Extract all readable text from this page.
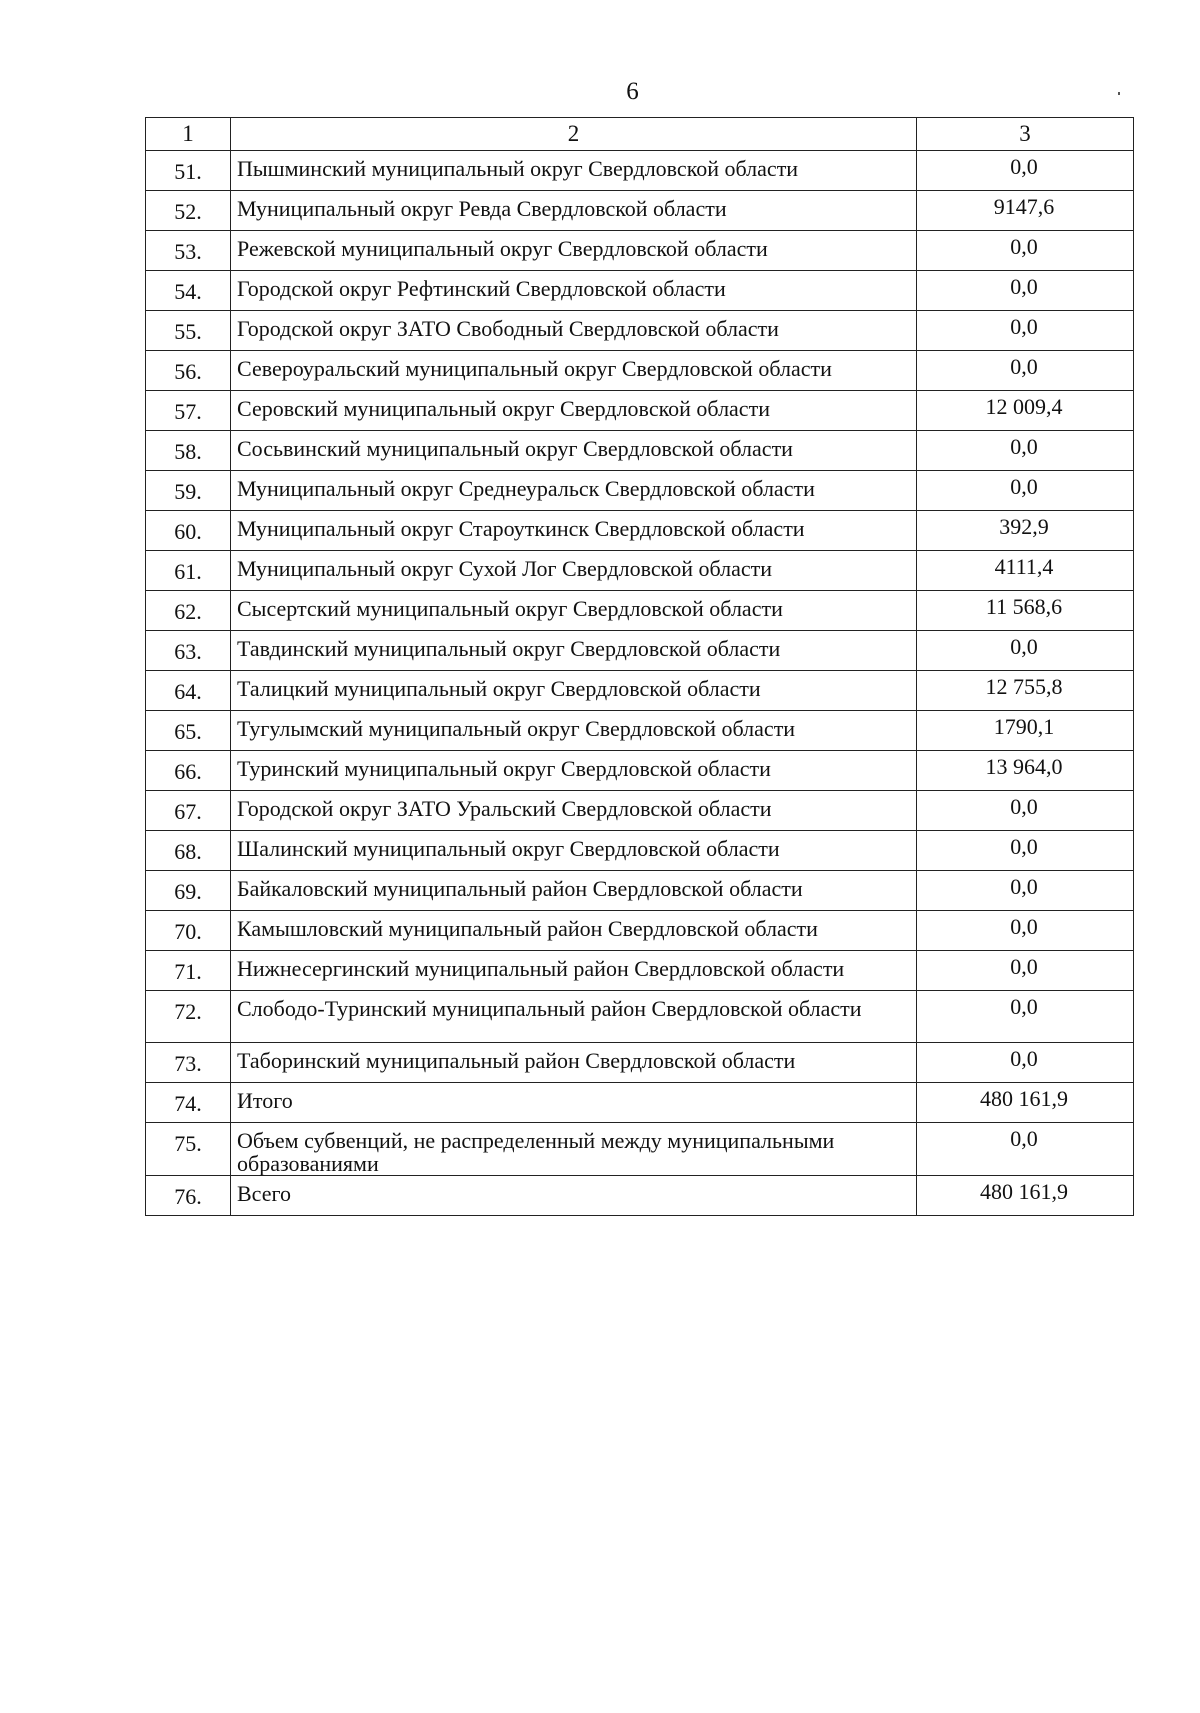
6
1	2	3
51.	Пышминский муниципальный округ Свердловской области	0,0
52.	Муниципальный округ Ревда Свердловской области	9147,6
53.	Режевской муниципальный округ Свердловской области	0,0
54.	Городской округ Рефтинский Свердловской области	0,0
55.	Городской округ ЗАТО Свободный Свердловской области	0,0
56.	Североуральский муниципальный округ Свердловской области	0,0
57.	Серовский муниципальный округ Свердловской области	12 009,4
58.	Сосьвинский муниципальный округ Свердловской области	0,0
59.	Муниципальный округ Среднеуральск Свердловской области	0,0
60.	Муниципальный округ Староуткинск Свердловской области	392,9
61.	Муниципальный округ Сухой Лог Свердловской области	4111,4
62.	Сысертский муниципальный округ Свердловской области	11 568,6
63.	Тавдинский муниципальный округ Свердловской области	0,0
64.	Талицкий муниципальный округ Свердловской области	12 755,8
65.	Тугулымский муниципальный округ Свердловской области	1790,1
66.	Туринский муниципальный округ Свердловской области	13 964,0
67.	Городской округ ЗАТО Уральский Свердловской области	0,0
68.	Шалинский муниципальный округ Свердловской области	0,0
69.	Байкаловский муниципальный район Свердловской области	0,0
70.	Камышловский муниципальный район Свердловской области	0,0
71.	Нижнесергинский муниципальный район Свердловской области	0,0
72.	Слободо-Туринский муниципальный район Свердловской области	0,0
73.	Таборинский муниципальный район Свердловской области	0,0
74.	Итого	480 161,9
75.	Объем субвенций, не распределенный между муниципальными образованиями	0,0
76.	Всего	480 161,9
